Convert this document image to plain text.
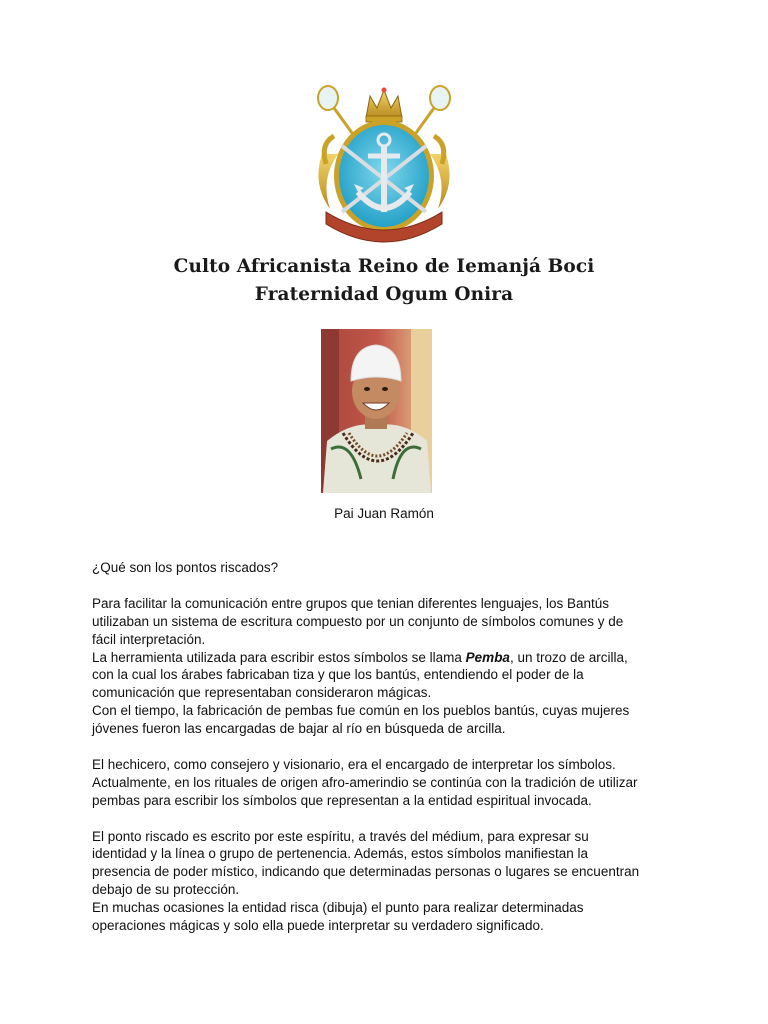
Culto Africanista Reino de Iemanjá Boci
Fraternidad Ogum Onira
Pai Juan Ramón

¿Qué son los pontos riscados?

Para facilitar la comunicación entre grupos que tenian diferentes lenguajes, los Bantús

utilizaban un sistema de escritura compuesto por un conjunto de símbolos comunes y de

fácil interpretación.

La herramienta utilizada para escribir estos símbolos se llama Pemba, un trozo de arcilla,

con la cual los árabes fabricaban tiza y que los bantús, entendiendo el poder de la

comunicación que representaban consideraron mágicas.

Con el tiempo, la fabricación de pembas fue común en los pueblos bantús, cuyas mujeres

jóvenes fueron las encargadas de bajar al río en búsqueda de arcilla.

El hechicero, como consejero y visionario, era el encargado de interpretar los símbolos.

Actualmente, en los rituales de origen afro-amerindio se continúa con la tradición de utilizar

pembas para escribir los símbolos que representan a la entidad espiritual invocada.

El ponto riscado es escrito por este espíritu, a través del médium, para expresar su

identidad y la línea o grupo de pertenencia. Además, estos símbolos manifiestan la

presencia de poder místico, indicando que determinadas personas o lugares se encuentran

debajo de su protección.

En muchas ocasiones la entidad risca (dibuja) el punto para realizar determinadas

operaciones mágicas y solo ella puede interpretar su verdadero significado.
